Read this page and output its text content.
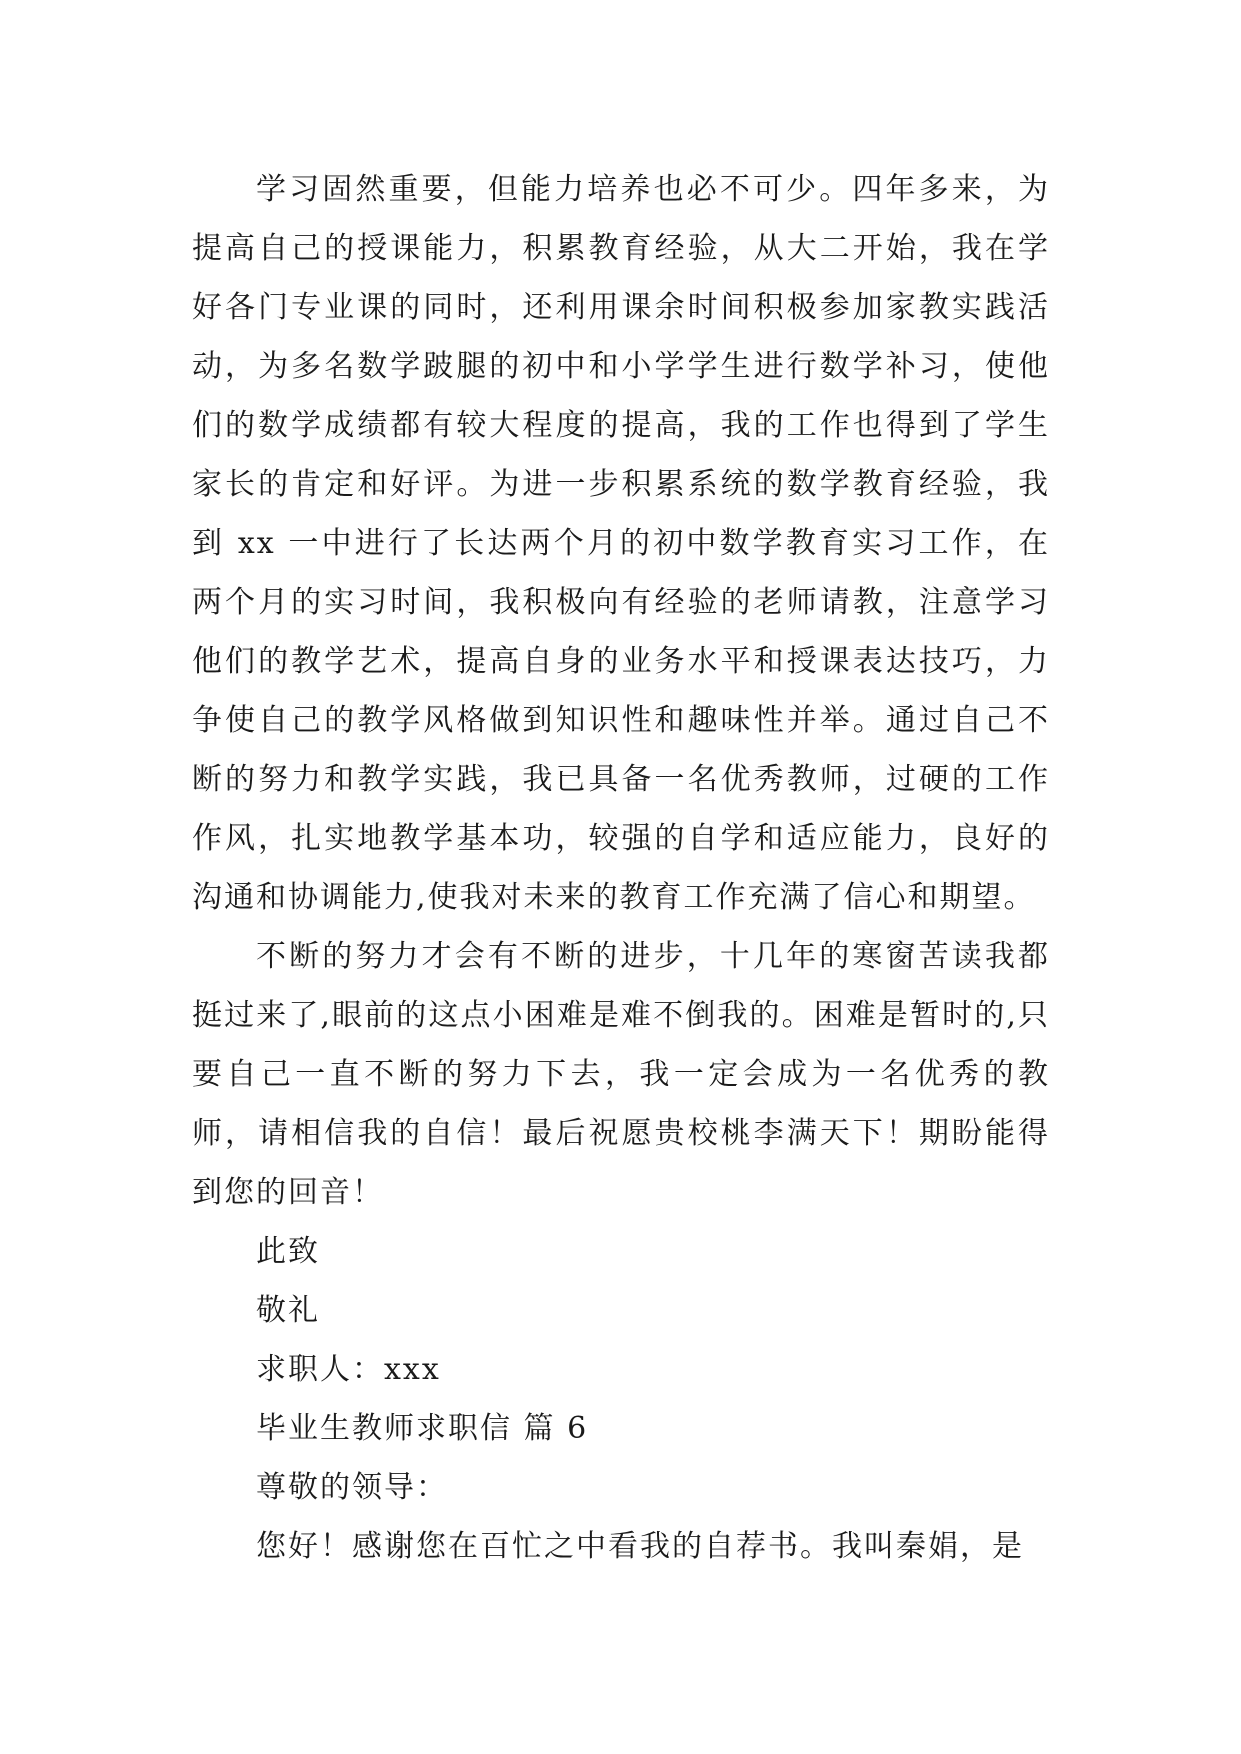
学习固然重要，但能力培养也必不可少。四年多来，为提高自己的授课能力，积累教育经验，从大二开始，我在学好各门专业课的同时，还利用课余时间积极参加家教实践活动，为多名数学跛腿的初中和小学学生进行数学补习，使他们的数学成绩都有较大程度的提高，我的工作也得到了学生家长的肯定和好评。为进一步积累系统的数学教育经验，我到 xx 一中进行了长达两个月的初中数学教育实习工作，在两个月的实习时间，我积极向有经验的老师请教，注意学习他们的教学艺术，提高自身的业务水平和授课表达技巧，力争使自己的教学风格做到知识性和趣味性并举。通过自己不断的努力和教学实践，我已具备一名优秀教师，过硬的工作作风，扎实地教学基本功，较强的自学和适应能力，良好的沟通和协调能力,使我对未来的教育工作充满了信心和期望。

不断的努力才会有不断的进步，十几年的寒窗苦读我都挺过来了,眼前的这点小困难是难不倒我的。困难是暂时的,只要自己一直不断的努力下去，我一定会成为一名优秀的教师，请相信我的自信！最后祝愿贵校桃李满天下！期盼能得到您的回音！

此致

敬礼

求职人：xxx

毕业生教师求职信 篇 6

尊敬的领导：

您好！感谢您在百忙之中看我的自荐书。我叫秦娟，是
